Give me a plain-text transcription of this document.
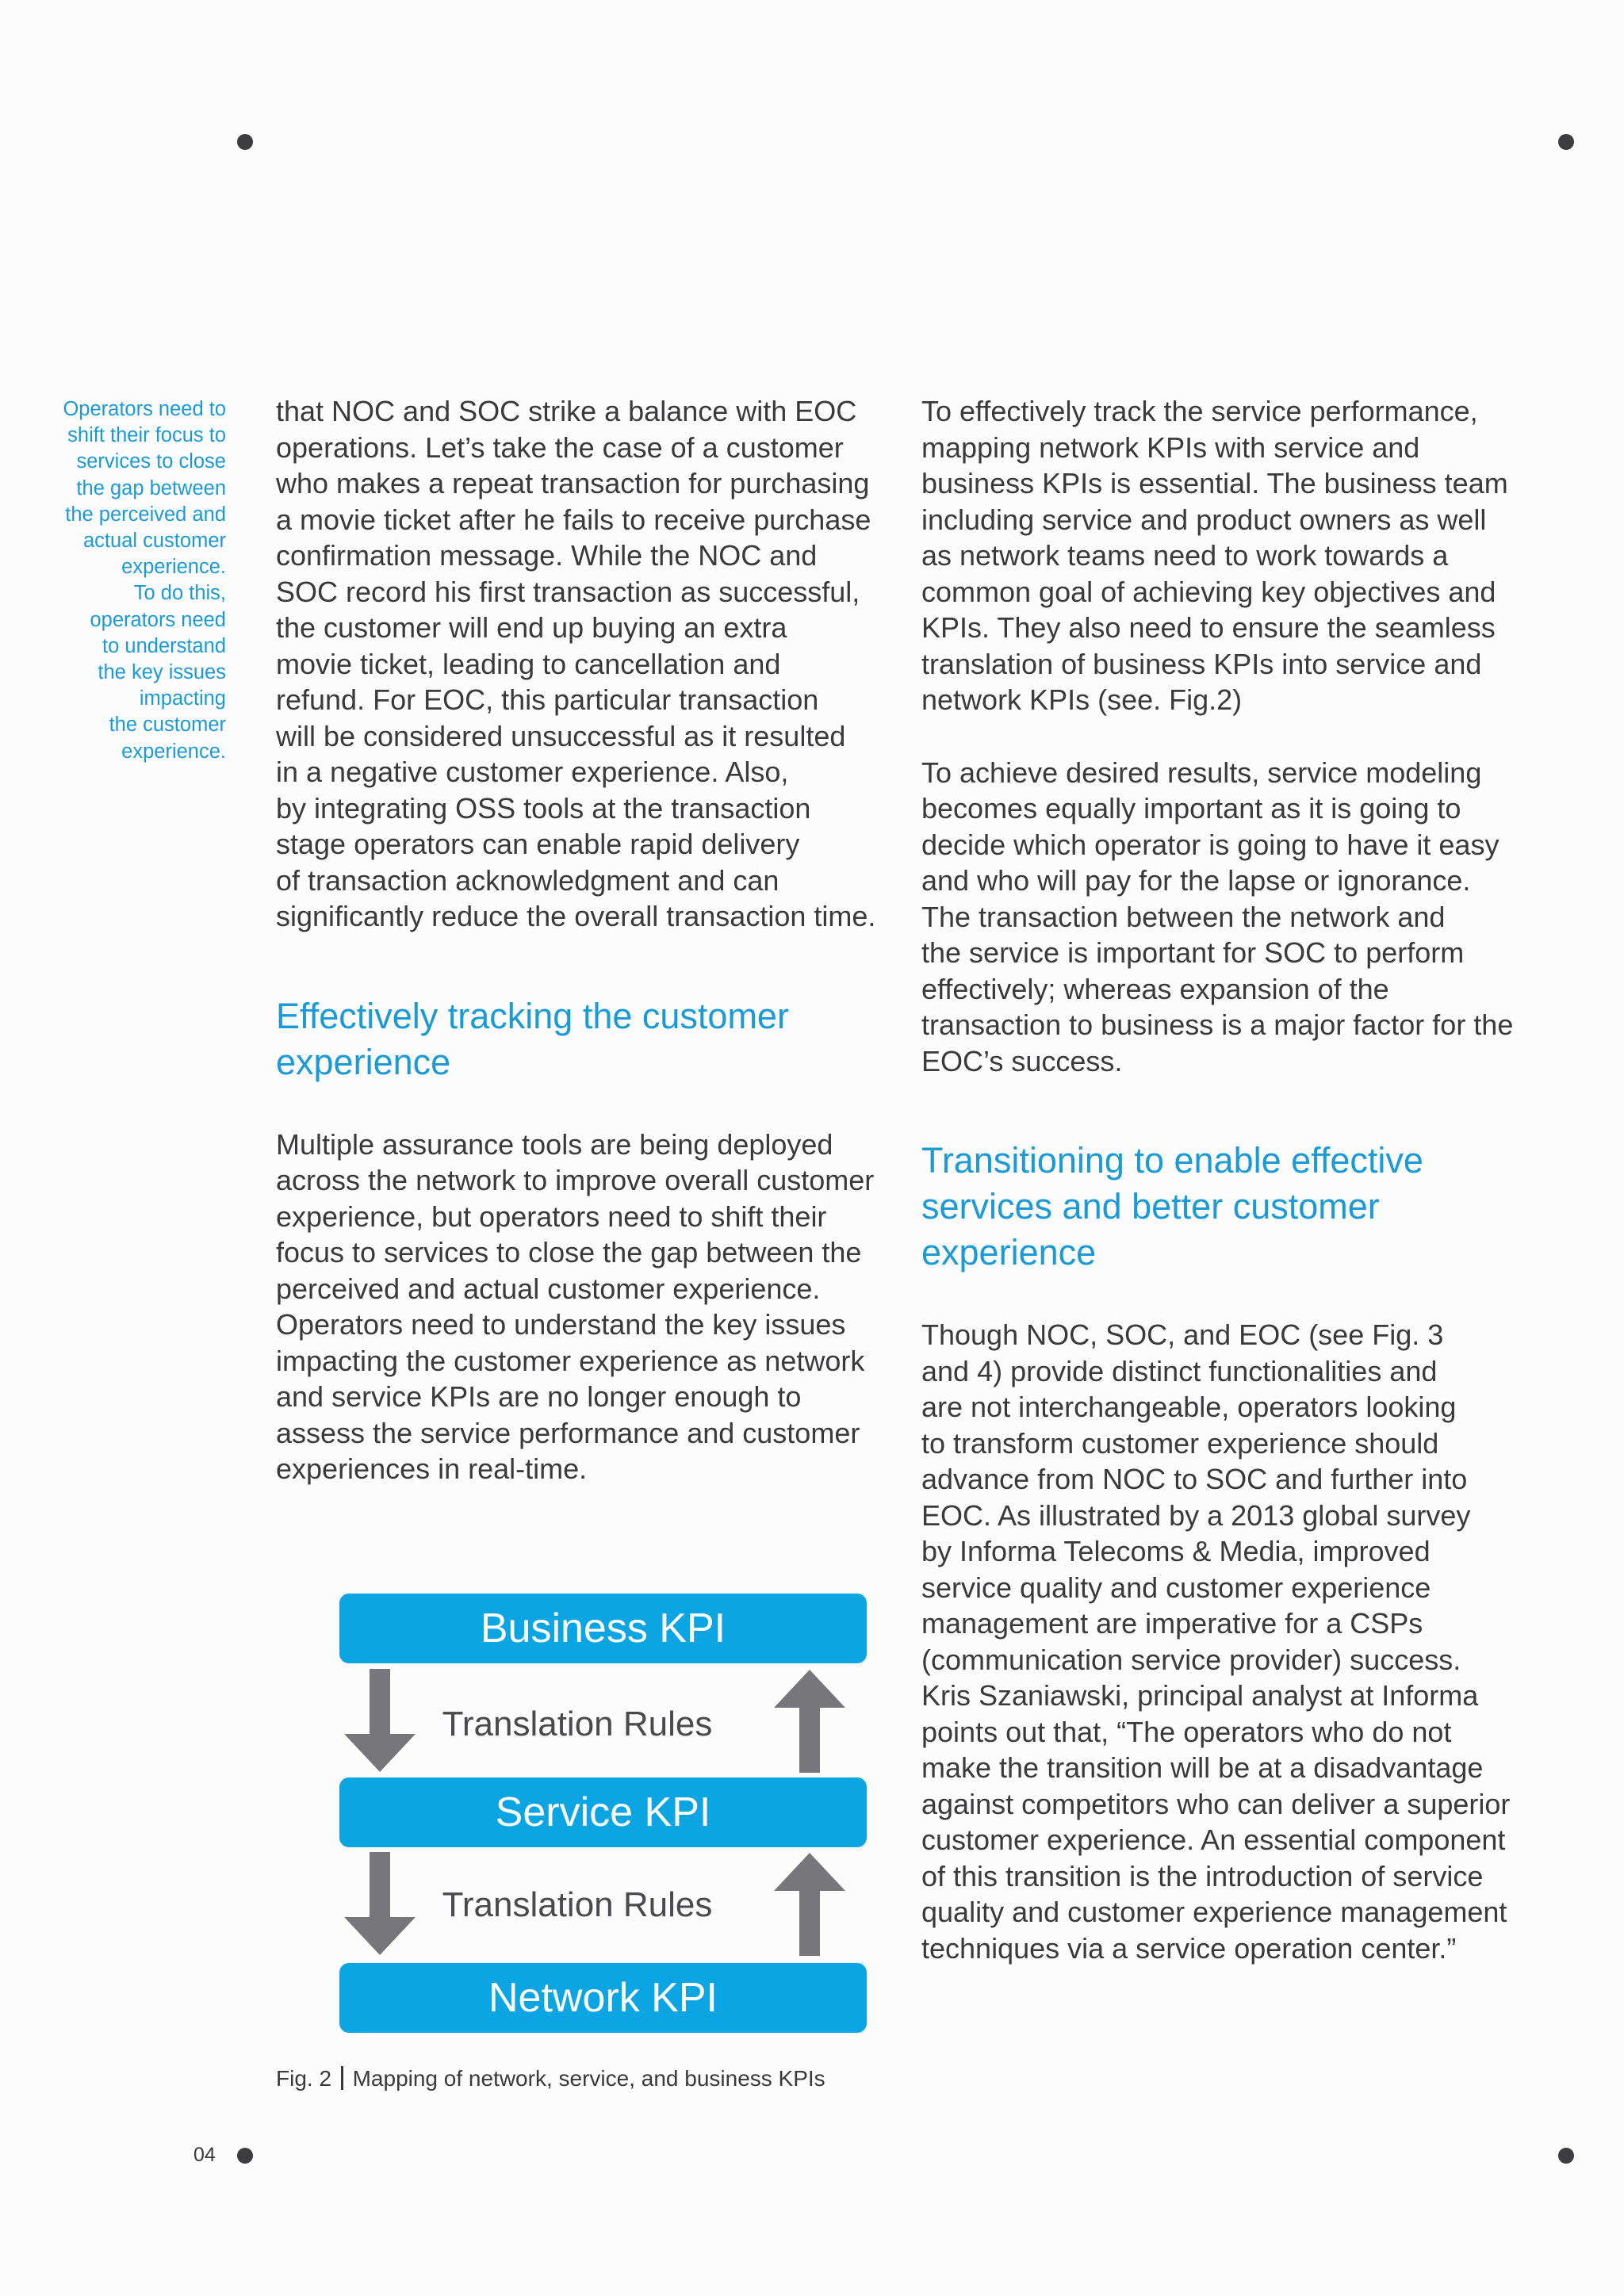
Operators need to
shift their focus to
services to close
the gap between
the perceived and
actual customer
experience.
To do this,
operators need
to understand
the key issues
impacting
the customer
experience.

that NOC and SOC strike a balance with EOC
operations. Let’s take the case of a customer
who makes a repeat transaction for purchasing
a movie ticket after he fails to receive purchase
confirmation message. While the NOC and
SOC record his first transaction as successful,
the customer will end up buying an extra
movie ticket, leading to cancellation and
refund. For EOC, this particular transaction
will be considered unsuccessful as it resulted
in a negative customer experience. Also,
by integrating OSS tools at the transaction
stage operators can enable rapid delivery
of transaction acknowledgment and can
significantly reduce the overall transaction time.

Effectively tracking the customer
experience

Multiple assurance tools are being deployed
across the network to improve overall customer
experience, but operators need to shift their
focus to services to close the gap between the
perceived and actual customer experience.
Operators need to understand the key issues
impacting the customer experience as network
and service KPIs are no longer enough to
assess the service performance and customer
experiences in real-time.

To effectively track the service performance,
mapping network KPIs with service and
business KPIs is essential. The business team
including service and product owners as well
as network teams need to work towards a
common goal of achieving key objectives and
KPIs. They also need to ensure the seamless
translation of business KPIs into service and
network KPIs (see. Fig.2)

To achieve desired results, service modeling
becomes equally important as it is going to
decide which operator is going to have it easy
and who will pay for the lapse or ignorance.
The transaction between the network and
the service is important for SOC to perform
effectively; whereas expansion of the
transaction to business is a major factor for the
EOC’s success.

Transitioning to enable effective
services and better customer
experience

Though NOC, SOC, and EOC (see Fig. 3
and 4) provide distinct functionalities and
are not interchangeable, operators looking
to transform customer experience should
advance from NOC to SOC and further into
EOC. As illustrated by a 2013 global survey
by Informa Telecoms & Media, improved
service quality and customer experience
management are imperative for a CSPs
(communication service provider) success.
Kris Szaniawski, principal analyst at Informa
points out that, “The operators who do not
make the transition will be at a disadvantage
against competitors who can deliver a superior
customer experience. An essential component
of this transition is the introduction of service
quality and customer experience management
techniques via a service operation center.”

Business KPI
Translation Rules
Service KPI
Translation Rules
Network KPI
Fig. 2 Mapping of network, service, and business KPIs
04
